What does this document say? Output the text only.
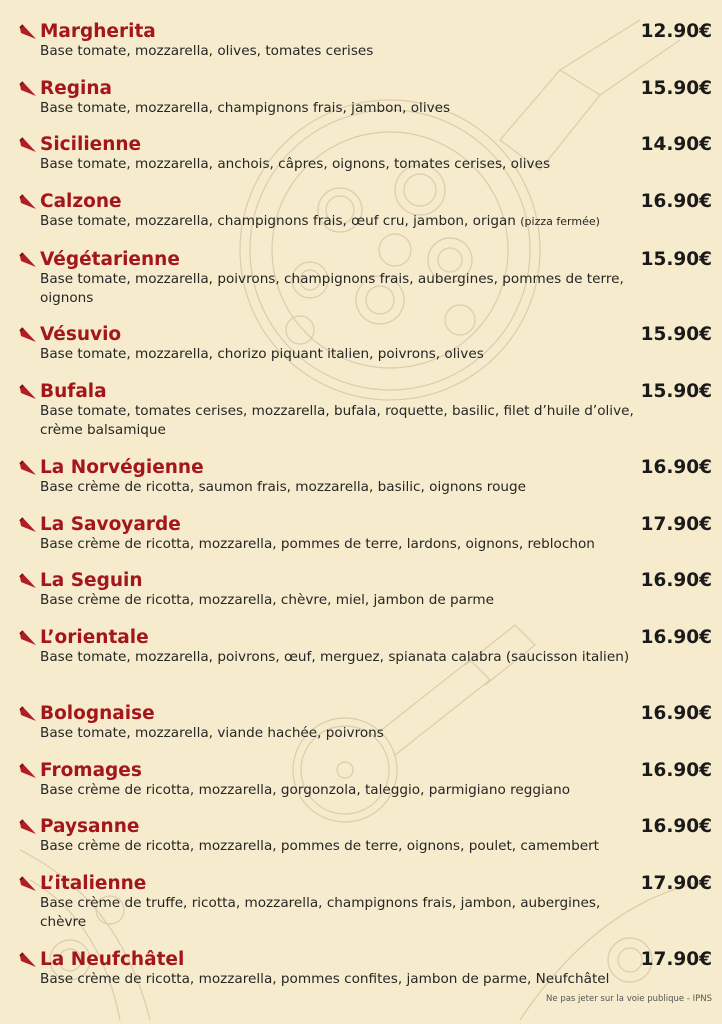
Margherita	12.90€
Base tomate, mozzarella, olives, tomates cerises
Regina	15.90€
Base tomate, mozzarella, champignons frais, jambon, olives
Sicilienne	14.90€
Base tomate, mozzarella, anchois, câpres, oignons, tomates cerises, olives
Calzone	16.90€
Base tomate, mozzarella, champignons frais, œuf cru, jambon, origan (pizza fermée)
Végétarienne	15.90€
Base tomate, mozzarella, poivrons, champignons frais, aubergines, pommes de terre, oignons
Vésuvio	15.90€
Base tomate, mozzarella, chorizo piquant italien, poivrons, olives
Bufala	15.90€
Base tomate, tomates cerises, mozzarella, bufala, roquette, basilic, filet d’huile d’olive, crème balsamique
La Norvégienne	16.90€
Base crème de ricotta, saumon frais, mozzarella, basilic, oignons rouge
La Savoyarde	17.90€
Base crème de ricotta, mozzarella, pommes de terre, lardons, oignons, reblochon
La Seguin	16.90€
Base crème de ricotta, mozzarella, chèvre, miel, jambon de parme
L’orientale	16.90€
Base tomate, mozzarella, poivrons, œuf, merguez, spianata calabra (saucisson italien)
Bolognaise	16.90€
Base tomate, mozzarella, viande hachée, poivrons
Fromages	16.90€
Base crème de ricotta, mozzarella, gorgonzola, taleggio, parmigiano reggiano
Paysanne	16.90€
Base crème de ricotta, mozzarella, pommes de terre, oignons, poulet, camembert
L’italienne	17.90€
Base crème de truffe, ricotta, mozzarella, champignons frais, jambon, aubergines, chèvre
La Neufchâtel	17.90€
Base crème de ricotta, mozzarella, pommes confites, jambon de parme, Neufchâtel
Ne pas jeter sur la voie publique - IPNS
